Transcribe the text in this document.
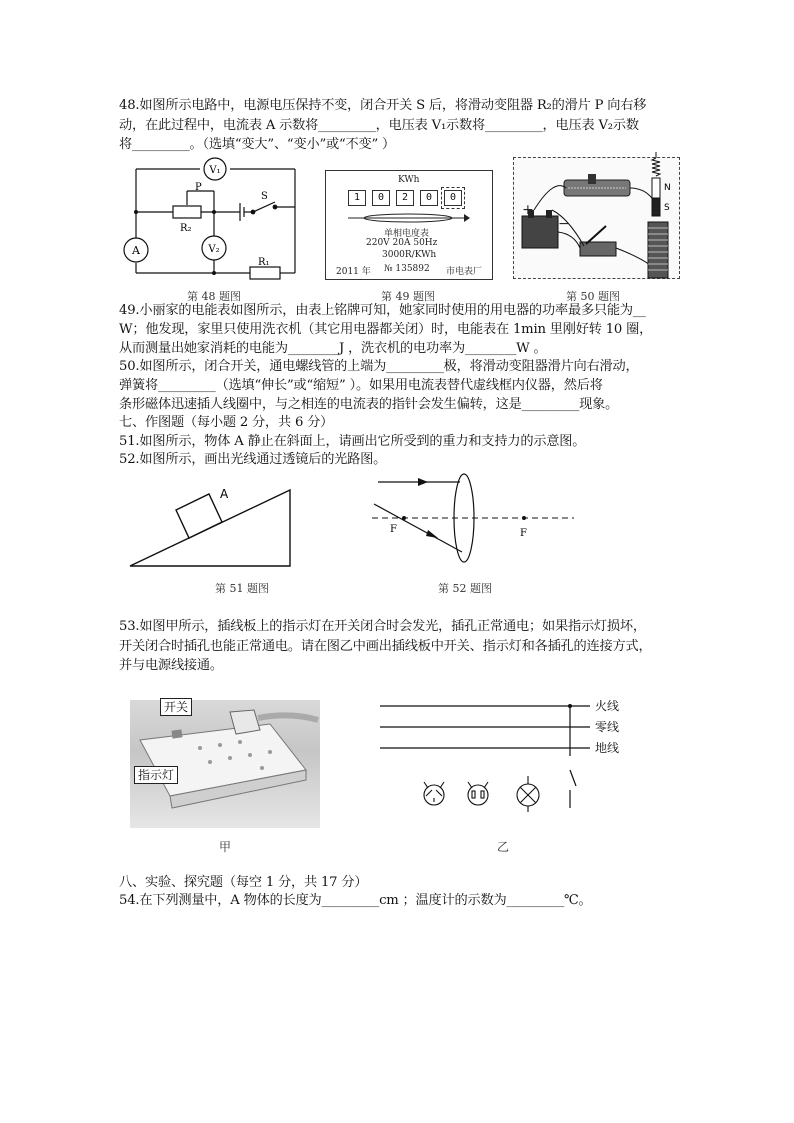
48.如图所示电路中，电源电压保持不变，闭合开关 S 后，将滑动变阻器 R₂的滑片 P 向右移
动，在此过程中，电流表 A 示数将_________，电压表 V₁示数将_________，电压表 V₂示数
将_________。（选填“变大”、“变小”或“不变” ）
V₁
A	V₂
P
R₂
R₁
S
KWh
1	0	2	0	0
单相电度表
220V 20A 50Hz
3000R/KWh
2011 年 № 135892 市电表厂
+
−
N
S
第 48 题图	第 49 题图	第 50 题图
49.小丽家的电能表如图所示，由表上铭牌可知，她家同时使用的用电器的功率最多只能为__
W；他发现，家里只使用洗衣机（其它用电器都关闭）时，电能表在 1min 里刚好转 10 圈，
从而测量出她家消耗的电能为________J ，洗衣机的电功率为________W 。
50.如图所示，闭合开关，通电螺线管的上端为_________极，将滑动变阻器滑片向右滑动，
弹簧将_________（选填“伸长”或“缩短” ）。如果用电流表替代虚线框内仪器，然后将
条形磁体迅速插人线圈中，与之相连的电流表的指针会发生偏转，这是_________现象。
七、作图题（每小题 2 分，共 6 分）
51.如图所示，物体 A 静止在斜面上，请画出它所受到的重力和支持力的示意图。
52.如图所示，画出光线通过透镜后的光路图。
A
F	F
第 51 题图	第 52 题图
53.如图甲所示，插线板上的指示灯在开关闭合时会发光，插孔正常通电；如果指示灯损坏，
开关闭合时插孔也能正常通电。请在图乙中画出插线板中开关、指示灯和各插孔的连接方式，
并与电源线接通。
开关
指示灯
火线
零线
地线
甲	乙
八、实验、探究题（每空 1 分，共 17 分）
54.在下列测量中，A 物体的长度为_________cm ；温度计的示数为_________℃。
